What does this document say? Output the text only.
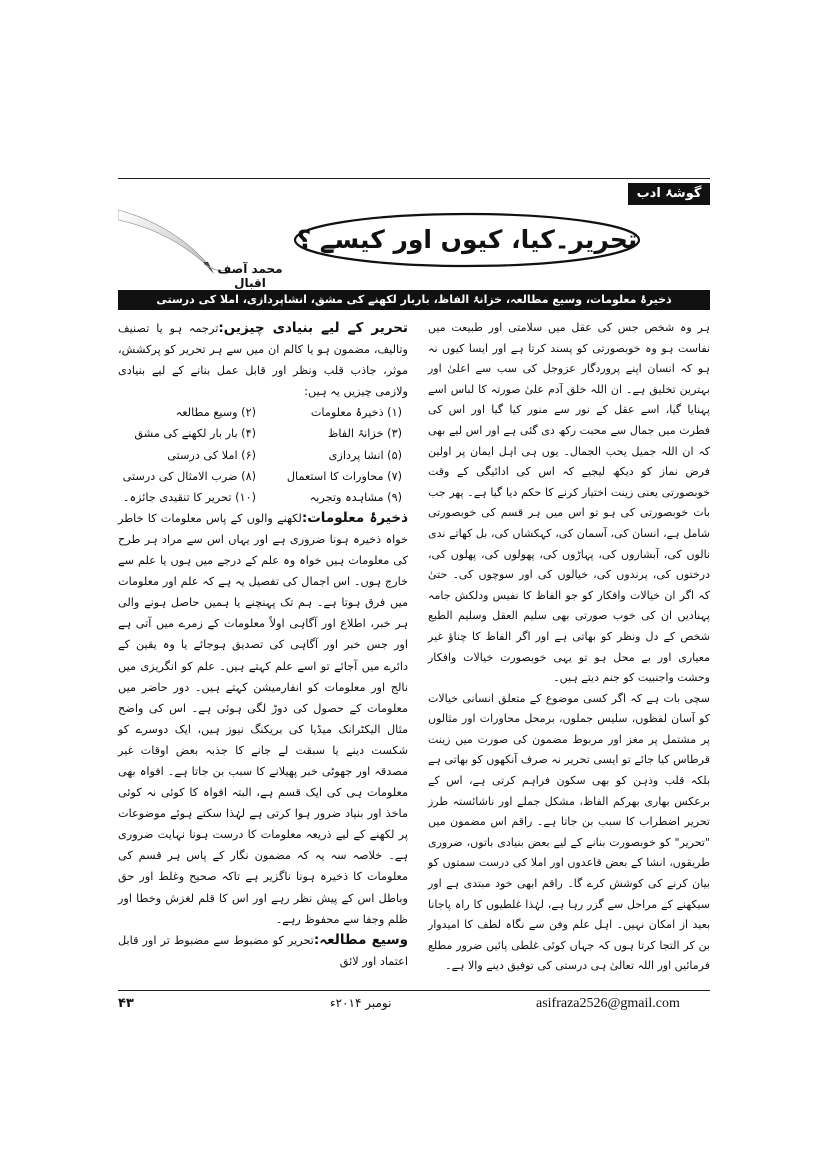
گوشۂ ادب
تحریر۔کیا، کیوں اور کیسے ؟
محمد آصف اقبال
ذخیرۂ معلومات، وسیع مطالعہ، خزانۂ الفاظ، باربار لکھنے کی مشق، انشاپردازی، املا کی درستی

ہر وہ شخص جس کی عقل میں سلامتی اور طبیعت میں نفاست ہو وہ خوبصورتی کو پسند کرتا ہے اور ایسا کیوں نہ ہو کہ انسان اپنے پروردگار عزوجل کی سب سے اعلیٰ اور بہترین تخلیق ہے۔ ان اللہ خلق آدم علیٰ صورتہ کا لباس اسے پہنایا گیا، اسے عقل کے نور سے منور کیا گیا اور اس کی فطرت میں جمال سے محبت رکھ دی گئی ہے اور اس لیے بھی کہ ان اللہ جمیل یحب الجمال۔ یوں ہی اہل ایمان پر اولین فرض نماز کو دیکھ لیجیے کہ اس کی ادائیگی کے وقت خوبصورتی یعنی زینت اختیار کرنے کا حکم دیا گیا ہے۔ پھر جب بات خوبصورتی کی ہو تو اس میں ہر قسم کی خوبصورتی شامل ہے، انسان کی، آسمان کی، کہکشاں کی، بل کھاتے ندی نالوں کی، آبشاروں کی، پہاڑوں کی، پھولوں کی، پھلوں کی، درختوں کی، پرندوں کی، خیالوں کی اور سوچوں کی۔ حتیٰ کہ اگر ان خیالات وافکار کو جو الفاظ کا نفیس ودلکش جامہ پہنادیں ان کی خوب صورتی بھی سلیم العقل وسلیم الطبع شخص کے دل ونظر کو بھاتی ہے اور اگر الفاظ کا چناؤ غیر معیاری اور بے محل ہو تو یہی خوبصورت خیالات وافکار وحشت واجنبیت کو جنم دیتے ہیں۔

سچی بات ہے کہ اگر کسی موضوع کے متعلق انسانی خیالات کو آسان لفظوں، سلیس جملوں، برمحل محاورات اور مثالوں پر مشتمل پر مغز اور مربوط مضمون کی صورت میں زینت قرطاس کیا جائے تو ایسی تحریر نہ صرف آنکھوں کو بھاتی ہے بلکہ قلب وذہن کو بھی سکون فراہم کرتی ہے، اس کے برعکس بھاری بھرکم الفاظ، مشکل جملے اور ناشائستہ طرز تحریر اضطراب کا سبب بن جاتا ہے۔ راقم اس مضمون میں "تحریر" کو خوبصورت بنانے کے لیے بعض بنیادی باتوں، ضروری طریقوں، انشا کے بعض قاعدوں اور املا کی درست سمتوں کو بیان کرنے کی کوشش کرے گا۔ راقم ابھی خود مبتدی ہے اور سیکھنے کے مراحل سے گزر رہا ہے، لہٰذا غلطیوں کا راہ پاجانا بعید از امکان نہیں۔ اہل علم وفن سے نگاہ لطف کا امیدوار بن کر التجا کرتا ہوں کہ جہاں کوئی غلطی پائیں ضرور مطلع فرمائیں اور اللہ تعالیٰ ہی درستی کی توفیق دینے والا ہے۔

تحریر کے لیے بنیادی چیزیں:ترجمہ ہو یا تصنیف وتالیف، مضمون ہو یا کالم ان میں سے ہر تحریر کو پرکشش، موثر، جاذب قلب ونظر اور قابل عمل بنانے کے لیے بنیادی ولازمی چیزیں یہ ہیں:

(۱) ذخیرۂ معلومات
(۲) وسیع مطالعہ
(۳) خزانۂ الفاظ
(۴) بار بار لکھنے کی مشق
(۵) انشا پردازی
(۶) املا کی درستی
(۷) محاورات کا استعمال
(۸) ضرب الامثال کی درستی
(۹) مشاہدہ وتجربہ
(۱۰) تحریر کا تنقیدی جائزہ۔

ذخیرۂ معلومات:لکھنے والوں کے پاس معلومات کا خاطر خواہ ذخیرہ ہونا ضروری ہے اور یہاں اس سے مراد ہر طرح کی معلومات ہیں خواہ وہ علم کے درجے میں ہوں یا علم سے خارج ہوں۔ اس اجمال کی تفصیل یہ ہے کہ علم اور معلومات میں فرق ہوتا ہے۔ ہم تک پہنچنے یا ہمیں حاصل ہونے والی ہر خبر، اطلاع اور آگاہی اولاً معلومات کے زمرے میں آتی ہے اور جس خبر اور آگاہی کی تصدیق ہوجائے یا وہ یقین کے دائرے میں آجائے تو اسے علم کہتے ہیں۔ علم کو انگریزی میں نالج اور معلومات کو انفارمیشن کہتے ہیں۔ دور حاضر میں معلومات کے حصول کی دوڑ لگی ہوئی ہے۔ اس کی واضح مثال الیکٹرانک میڈیا کی بریکنگ نیوز ہیں، ایک دوسرے کو شکست دینے یا سبقت لے جانے کا جذبہ بعض اوقات غیر مصدقہ اور جھوٹی خبر پھیلانے کا سبب بن جاتا ہے۔ افواہ بھی معلومات ہی کی ایک قسم ہے، البتہ افواہ کا کوئی نہ کوئی ماخذ اور بنیاد ضرور ہوا کرتی ہے لہٰذا سکتے ہوئے موضوعات پر لکھنے کے لیے ذریعہ معلومات کا درست ہونا نہایت ضروری ہے۔ خلاصہ سہ یہ کہ مضمون نگار کے پاس ہر قسم کی معلومات کا ذخیرہ ہونا ناگزیر ہے تاکہ صحیح وغلط اور حق وباطل اس کے پیش نظر رہے اور اس کا قلم لغزش وخطا اور ظلم وجفا سے محفوظ رہے۔

وسیع مطالعہ:تحریر کو مضبوط سے مضبوط تر اور قابل اعتماد اور لائق

۴۳	نومبر ۲۰۱۴ء	asifraza2526@gmail.com
